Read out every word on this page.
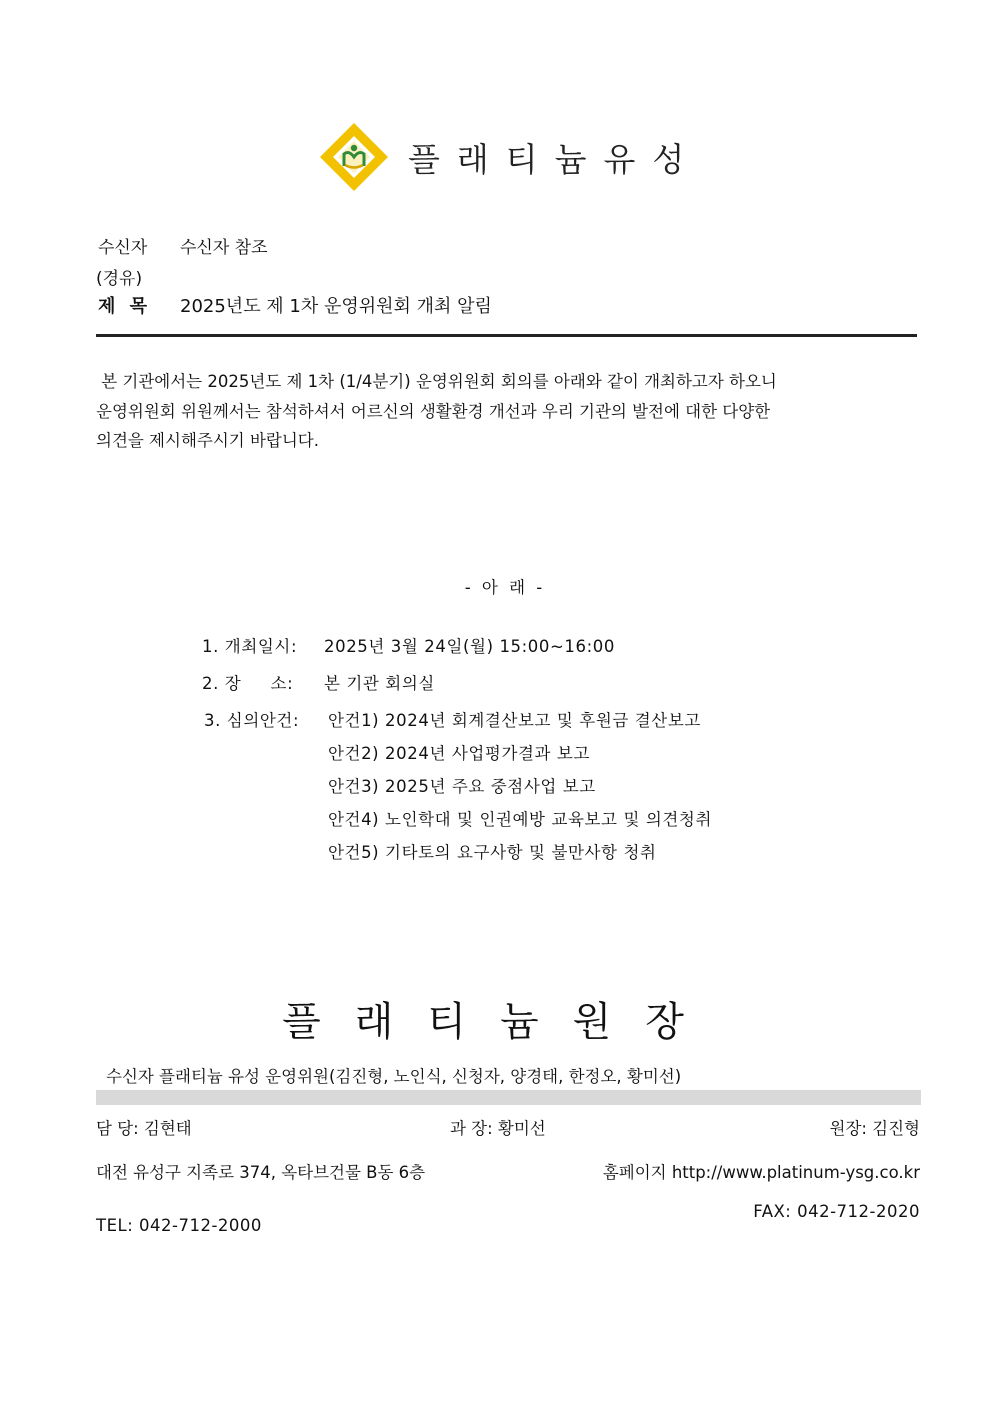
플래티늄유성
수신자 수신자 참조
(경유)
제 목 2025년도 제 1차 운영위원회 개최 알림
본 기관에서는 2025년도 제 1차 (1/4분기) 운영위원회 회의를 아래와 같이 개최하고자 하오니
운영위원회 위원께서는 참석하셔서 어르신의 생활환경 개선과 우리 기관의 발전에 대한 다양한
의견을 제시해주시기 바랍니다.
- 아 래 -
1. 개최일시: 2025년 3월 24일(월) 15:00~16:00
2. 장     소: 본 기관 회의실
3. 심의안건: 안건1) 2024년 회계결산보고 및 후원금 결산보고
안건2) 2024년 사업평가결과 보고
안건3) 2025년 주요 중점사업 보고
안건4) 노인학대 및 인권예방 교육보고 및 의견청취
안건5) 기타토의 요구사항 및 불만사항 청취
플래티늄원장
수신자 플래티늄 유성 운영위원(김진형, 노인식, 신청자, 양경태, 한정오, 황미선)
담 당: 김현태	과 장: 황미선	원장: 김진형
대전 유성구 지족로 374, 옥타브건물 B동 6층	홈페이지 http://www.platinum-ysg.co.kr
FAX: 042-712-2020
TEL: 042-712-2000
